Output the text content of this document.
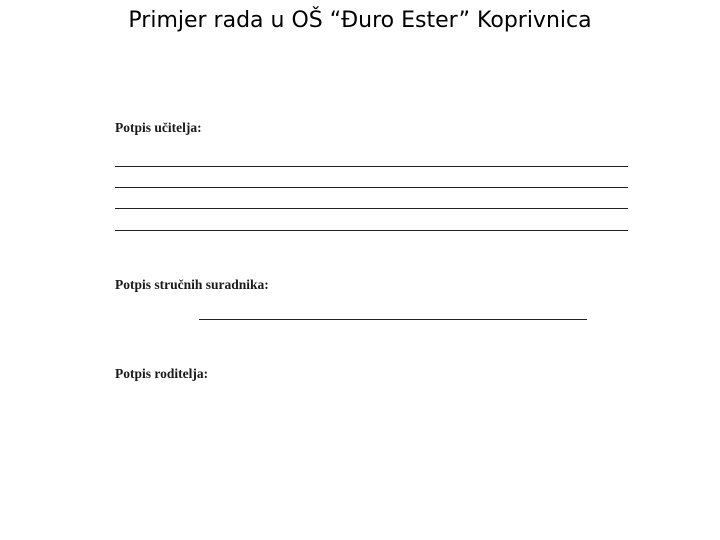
Primjer rada u OŠ “Đuro Ester” Koprivnica
Potpis učitelja:
Potpis stručnih suradnika:
Potpis roditelja:
